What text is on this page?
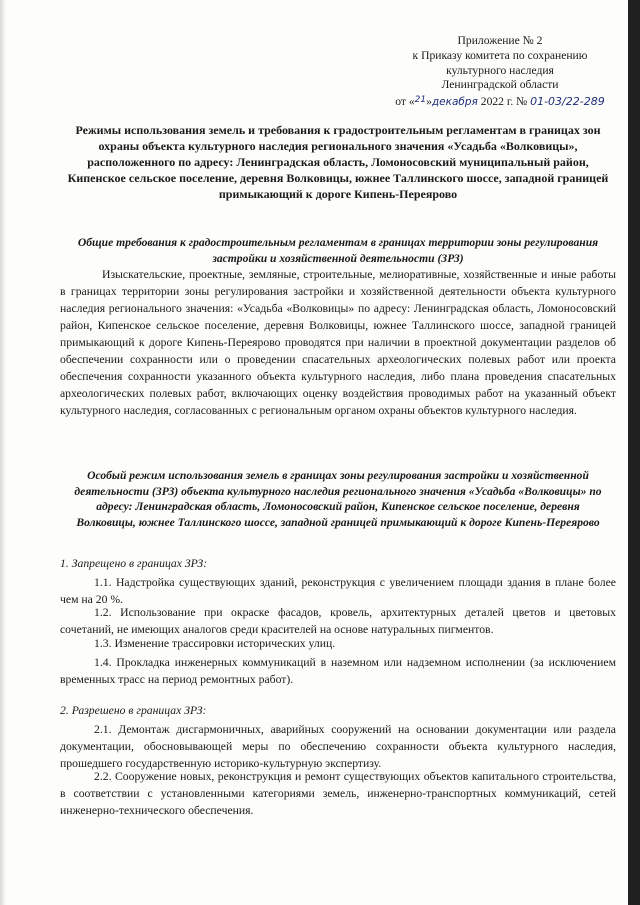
Приложение № 2
к Приказу комитета по сохранению
культурного наследия
Ленинградской области
от «$^{21}$»декабря 2022 г. № 01-03/22-289
Режимы использования земель и требования к градостроительным регламентам в границах зон охраны объекта культурного наследия регионального значения «Усадьба «Волковицы», расположенного по адресу: Ленинградская область, Ломоносовский муниципальный район, Кипенское сельское поселение, деревня Волковицы, южнее Таллинского шоссе, западной границей примыкающий к дороге Кипень-Переярово
Общие требования к градостроительным регламентам в границах территории зоны регулирования застройки и хозяйственной деятельности (ЗРЗ)
Изыскательские, проектные, земляные, строительные, мелиоративные, хозяйственные и иные работы в границах территории зоны регулирования застройки и хозяйственной деятельности объекта культурного наследия регионального значения: «Усадьба «Волковицы» по адресу: Ленинградская область, Ломоносовский район, Кипенское сельское поселение, деревня Волковицы, южнее Таллинского шоссе, западной границей примыкающий к дороге Кипень-Переярово проводятся при наличии в проектной документации разделов об обеспечении сохранности или о проведении спасательных археологических полевых работ или проекта обеспечения сохранности указанного объекта культурного наследия, либо плана проведения спасательных археологических полевых работ, включающих оценку воздействия проводимых работ на указанный объект культурного наследия, согласованных с региональным органом охраны объектов культурного наследия.
Особый режим использования земель в границах зоны регулирования застройки и хозяйственной деятельности (ЗРЗ) объекта культурного наследия регионального значения «Усадьба «Волковицы» по адресу: Ленинградская область, Ломоносовский район, Кипенское сельское поселение, деревня Волковицы, южнее Таллинского шоссе, западной границей примыкающий к дороге Кипень-Переярово
1. Запрещено в границах ЗРЗ:
1.1. Надстройка существующих зданий, реконструкция с увеличением площади здания в плане более чем на 20 %.
1.2. Использование при окраске фасадов, кровель, архитектурных деталей цветов и цветовых сочетаний, не имеющих аналогов среди красителей на основе натуральных пигментов.
1.3. Изменение трассировки исторических улиц.
1.4. Прокладка инженерных коммуникаций в наземном или надземном исполнении (за исключением временных трасс на период ремонтных работ).
2. Разрешено в границах ЗРЗ:
2.1. Демонтаж дисгармоничных, аварийных сооружений на основании документации или раздела документации, обосновывающей меры по обеспечению сохранности объекта культурного наследия, прошедшего государственную историко-культурную экспертизу.
2.2. Сооружение новых, реконструкция и ремонт существующих объектов капитального строительства, в соответствии с установленными категориями земель, инженерно-транспортных коммуникаций, сетей инженерно-технического обеспечения.
